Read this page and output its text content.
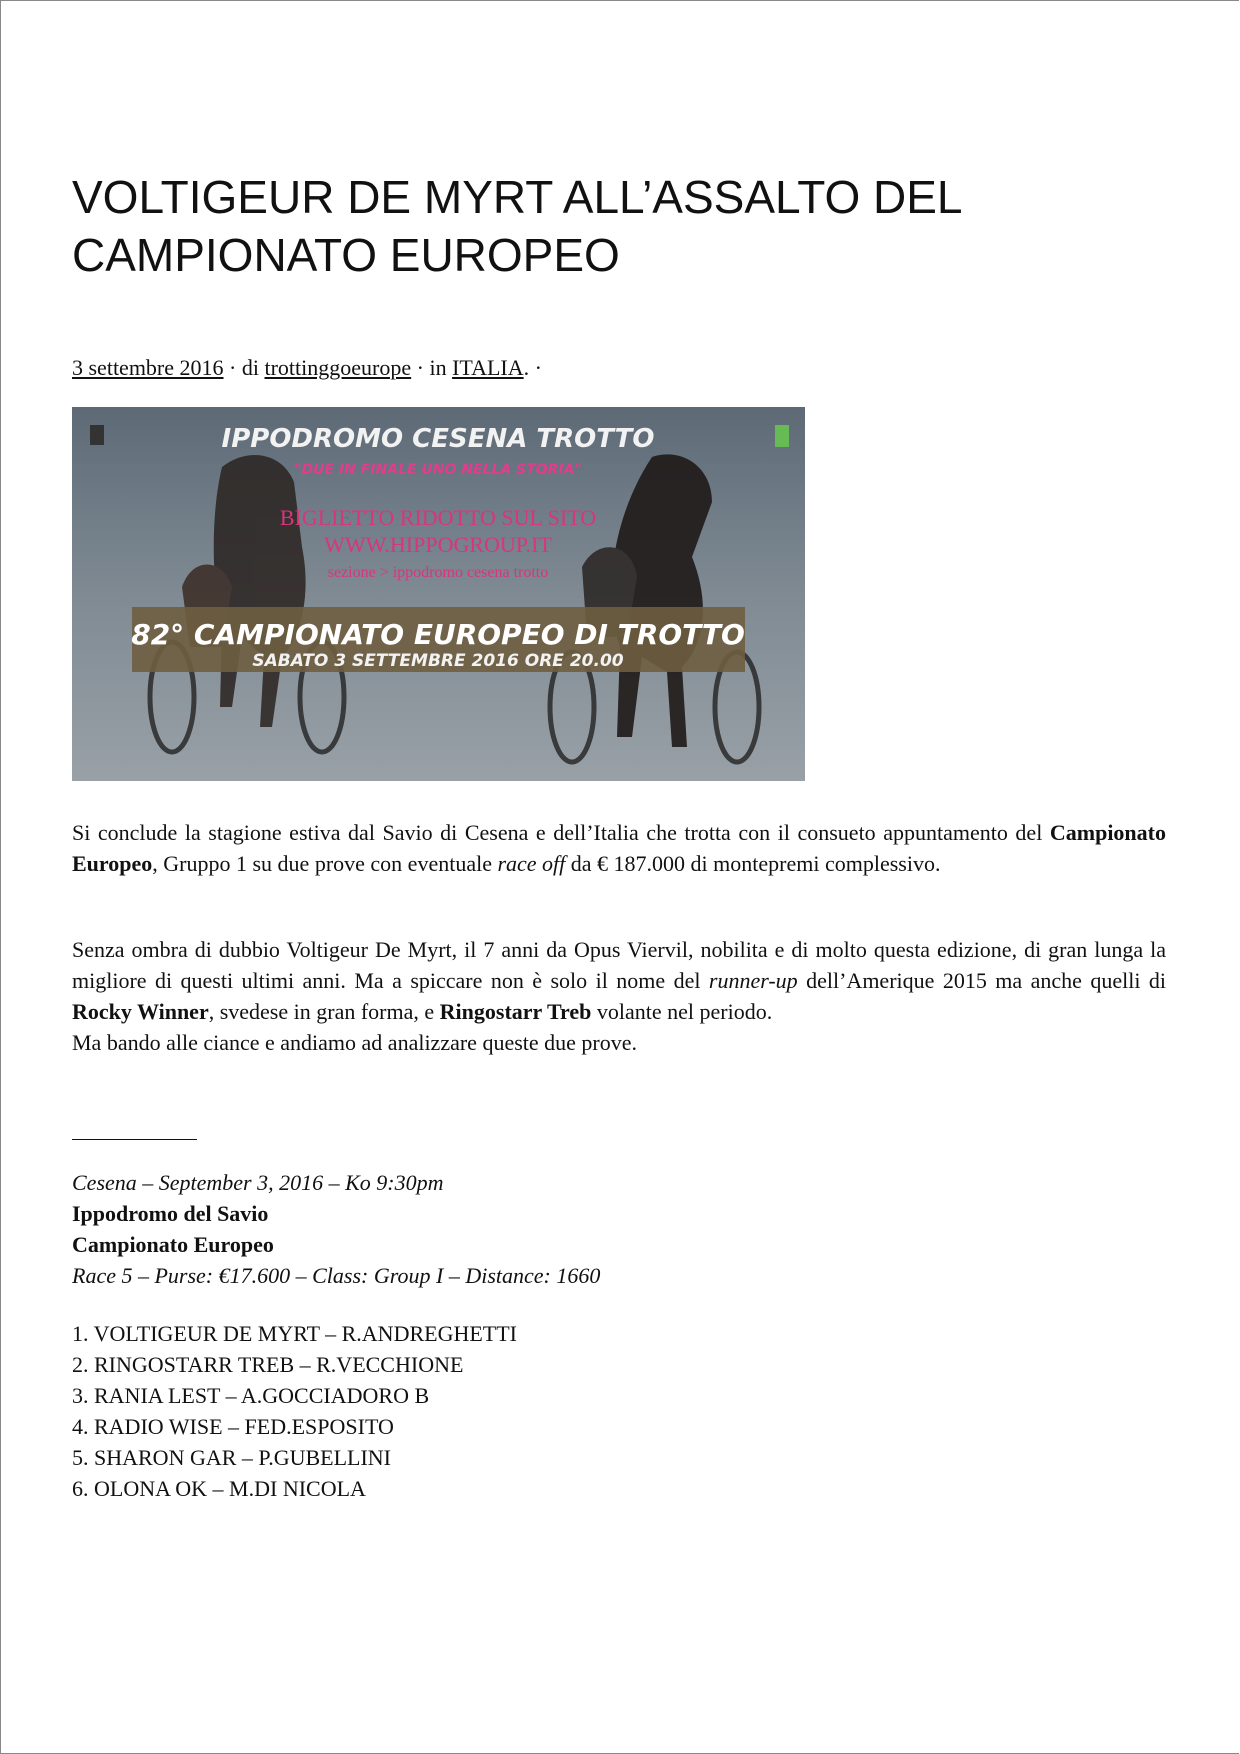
VOLTIGEUR DE MYRT ALL’ASSALTO DEL CAMPIONATO EUROPEO
3 settembre 2016 · di trottinggoeurope · in ITALIA. ·
IPPODROMO CESENA TROTTO
"DUE IN FINALE UNO NELLA STORIA"
BIGLIETTO RIDOTTO SUL SITO
WWW.HIPPOGROUP.IT
sezione > ippodromo cesena trotto
82° CAMPIONATO EUROPEO DI TROTTO
SABATO 3 SETTEMBRE 2016 ORE 20.00

Si conclude la stagione estiva dal Savio di Cesena e dell’Italia che trotta con il consueto appuntamento del Campionato Europeo, Gruppo 1 su due prove con eventuale race off da € 187.000 di montepremi complessivo.

Senza ombra di dubbio Voltigeur De Myrt, il 7 anni da Opus Viervil, nobilita e di molto questa edizione, di gran lunga la migliore di questi ultimi anni. Ma a spiccare non è solo il nome del runner-up dell’Amerique 2015 ma anche quelli di Rocky Winner, svedese in gran forma, e Ringostarr Treb volante nel periodo.
Ma bando alle ciance e andiamo ad analizzare queste due prove.

Cesena – September 3, 2016 – Ko 9:30pm
Ippodromo del Savio
Campionato Europeo
Race 5 – Purse: €17.600 – Class: Group I – Distance: 1660
1. VOLTIGEUR DE MYRT – R.ANDREGHETTI
2. RINGOSTARR TREB – R.VECCHIONE
3. RANIA LEST – A.GOCCIADORO B
4. RADIO WISE – FED.ESPOSITO
5. SHARON GAR – P.GUBELLINI
6. OLONA OK – M.DI NICOLA
